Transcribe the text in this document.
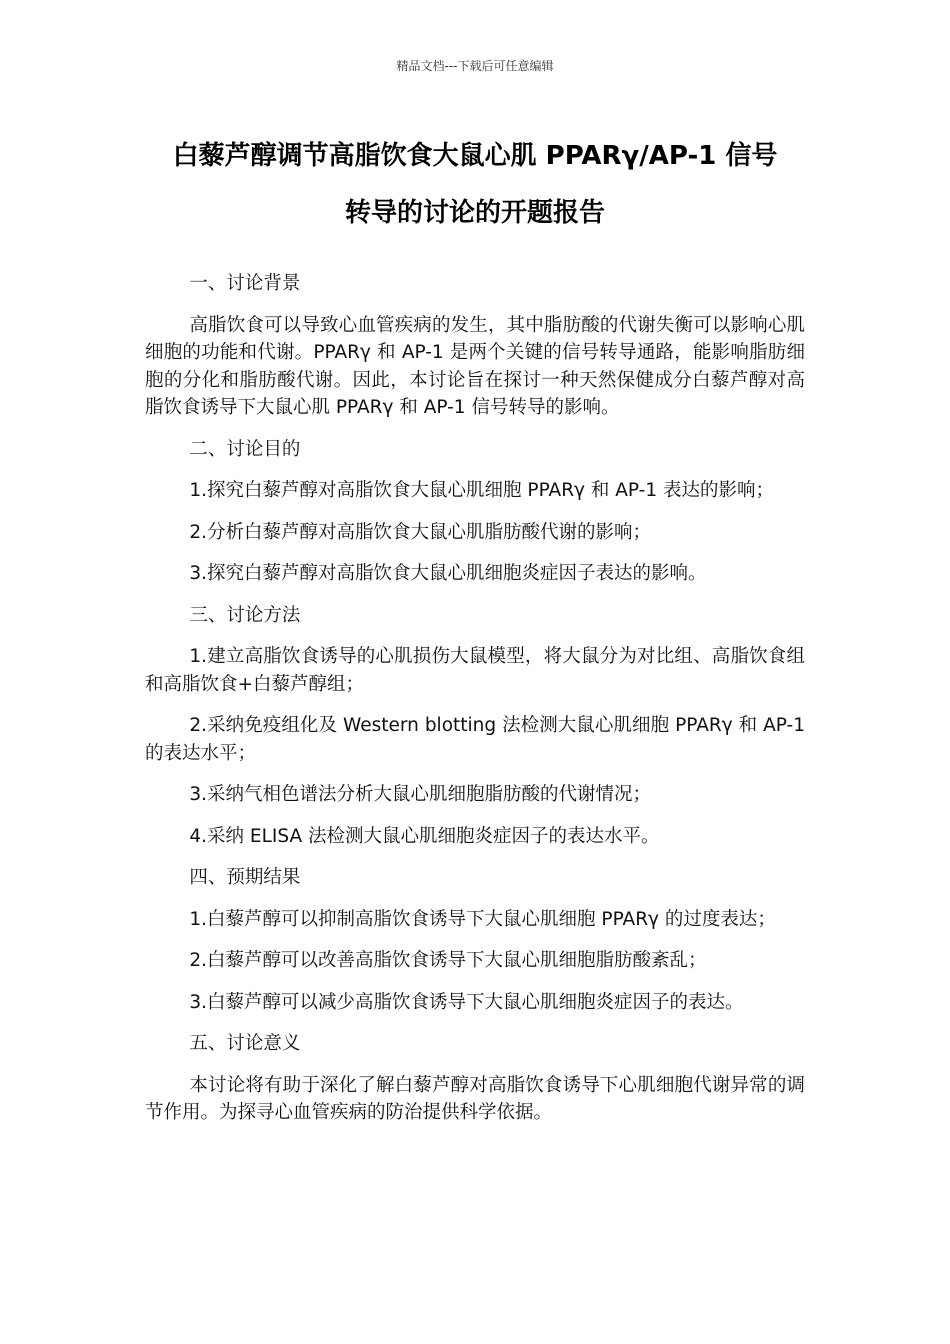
精品文档---下载后可任意编辑
白藜芦醇调节高脂饮食大鼠心肌 PPARγ/AP-1 信号
转导的讨论的开题报告

一、讨论背景

高脂饮食可以导致心血管疾病的发生，其中脂肪酸的代谢失衡可以影响心肌细胞的功能和代谢。PPARγ 和 AP-1 是两个关键的信号转导通路，能影响脂肪细胞的分化和脂肪酸代谢。因此，本讨论旨在探讨一种天然保健成分白藜芦醇对高脂饮食诱导下大鼠心肌 PPARγ 和 AP-1 信号转导的影响。

二、讨论目的

1.探究白藜芦醇对高脂饮食大鼠心肌细胞 PPARγ 和 AP-1 表达的影响；

2.分析白藜芦醇对高脂饮食大鼠心肌脂肪酸代谢的影响；

3.探究白藜芦醇对高脂饮食大鼠心肌细胞炎症因子表达的影响。

三、讨论方法

1.建立高脂饮食诱导的心肌损伤大鼠模型，将大鼠分为对比组、高脂饮食组和高脂饮食+白藜芦醇组；

2.采纳免疫组化及 Western blotting 法检测大鼠心肌细胞 PPARγ 和 AP-1 的表达水平；

3.采纳气相色谱法分析大鼠心肌细胞脂肪酸的代谢情况；

4.采纳 ELISA 法检测大鼠心肌细胞炎症因子的表达水平。

四、预期结果

1.白藜芦醇可以抑制高脂饮食诱导下大鼠心肌细胞 PPARγ 的过度表达；

2.白藜芦醇可以改善高脂饮食诱导下大鼠心肌细胞脂肪酸紊乱；

3.白藜芦醇可以减少高脂饮食诱导下大鼠心肌细胞炎症因子的表达。

五、讨论意义

本讨论将有助于深化了解白藜芦醇对高脂饮食诱导下心肌细胞代谢异常的调节作用。为探寻心血管疾病的防治提供科学依据。
